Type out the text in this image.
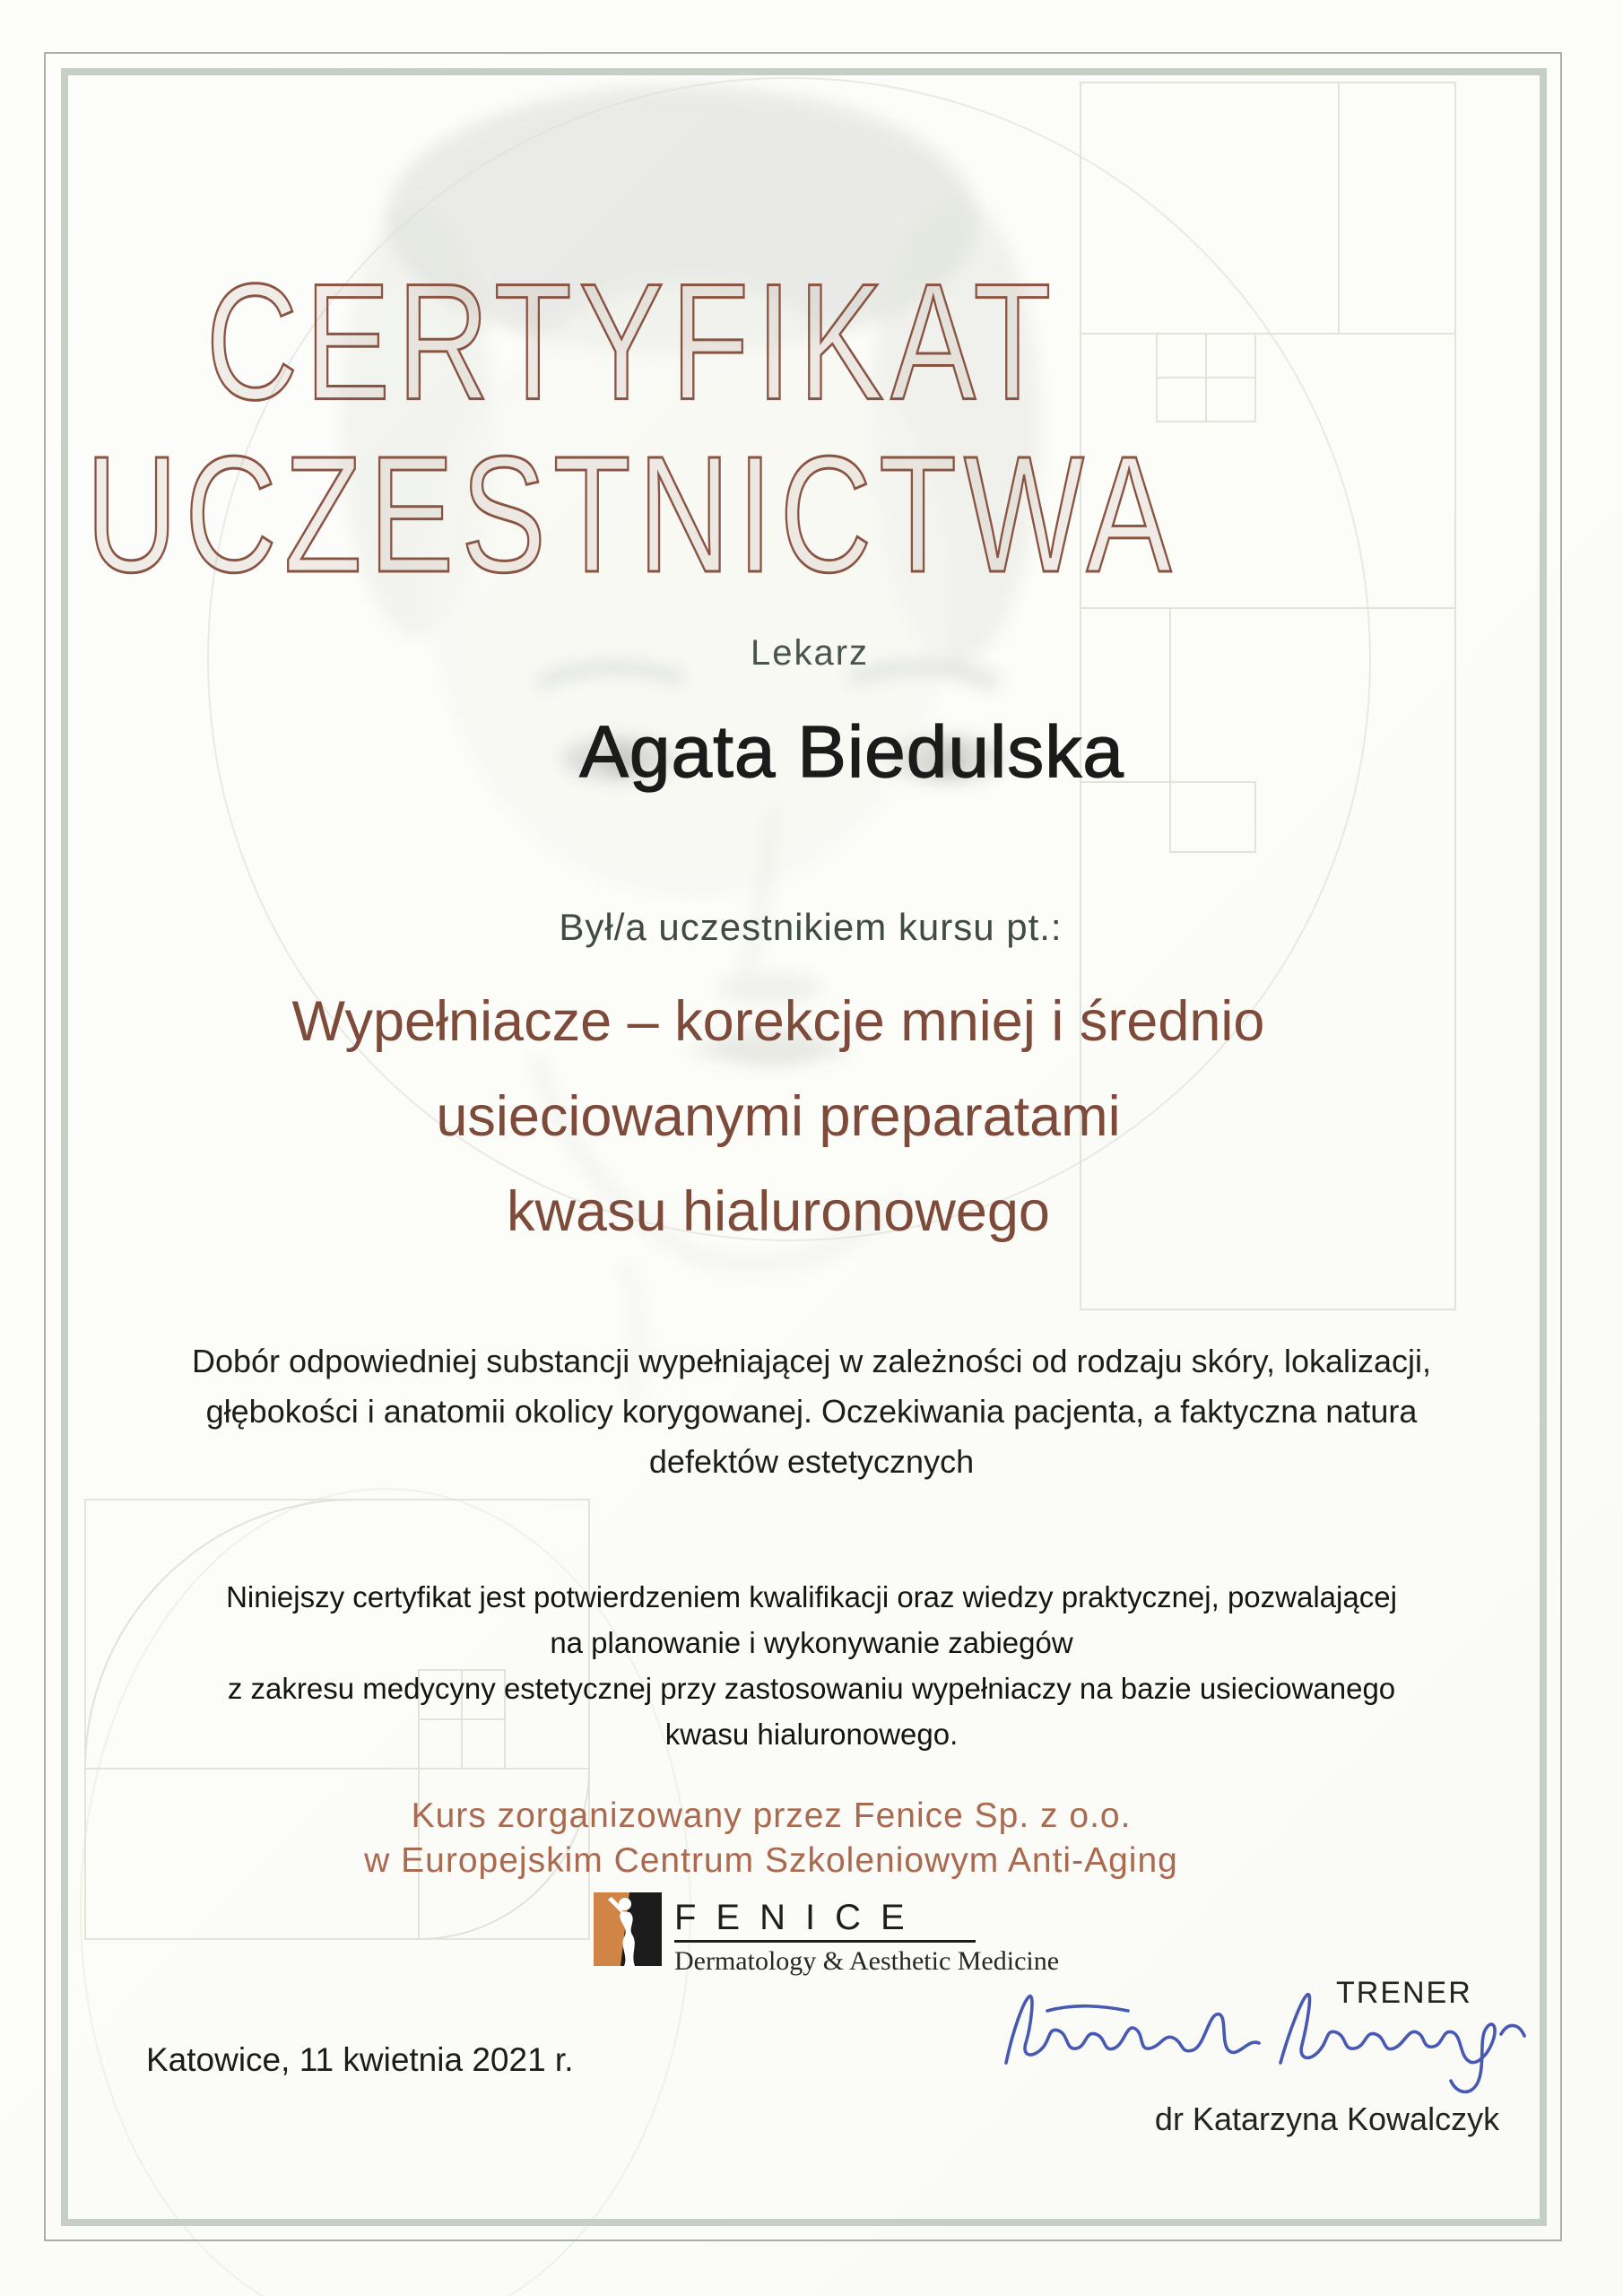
CERTYFIKAT
UCZESTNICTWA
Lekarz
Agata Biedulska
Był/a uczestnikiem kursu pt.:
Wypełniacze – korekcje mniej i średnio
usieciowanymi preparatami
kwasu hialuronowego
Dobór odpowiedniej substancji wypełniającej w zależności od rodzaju skóry, lokalizacji,
głębokości i anatomii okolicy korygowanej. Oczekiwania pacjenta, a faktyczna natura
defektów estetycznych
Niniejszy certyfikat jest potwierdzeniem kwalifikacji oraz wiedzy praktycznej, pozwalającej
na planowanie i wykonywanie zabiegów
z zakresu medycyny estetycznej przy zastosowaniu wypełniaczy na bazie usieciowanego
kwasu hialuronowego.
Kurs zorganizowany przez Fenice Sp. z o.o.
w Europejskim Centrum Szkoleniowym Anti-Aging
FENICE
Dermatology & Aesthetic Medicine
TRENER
dr Katarzyna Kowalczyk
Katowice, 11 kwietnia 2021 r.
